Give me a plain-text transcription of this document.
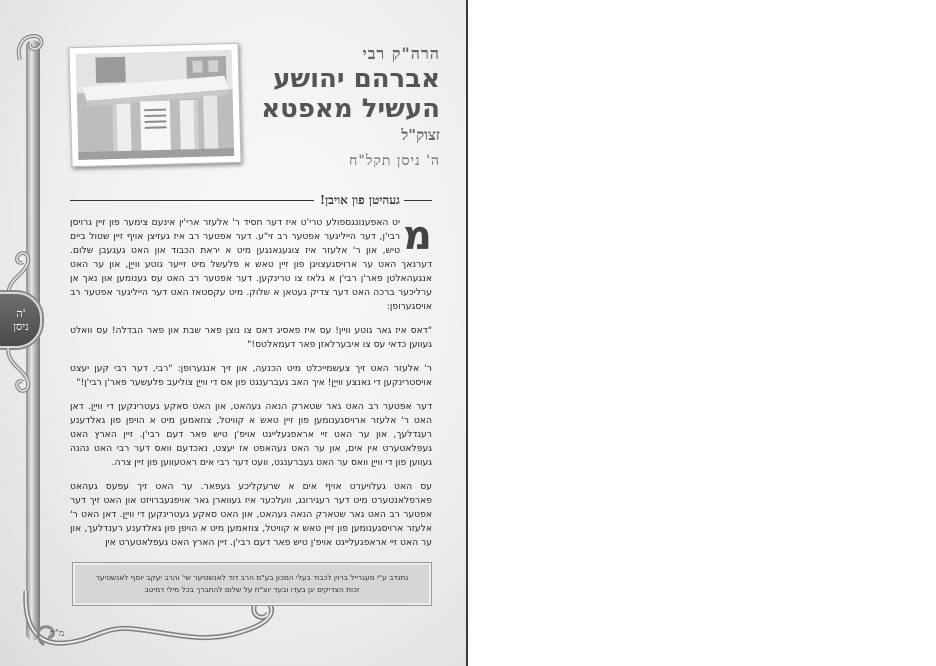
ה'
ניסן
הרה"ק רבי
אברהם יהושע
העשיל מאפטא
זצוק"ל
ה' ניסן תקל"ח
געהיטן פון אויבן!

מ
יט האפענונגספולע טרי'ט איז דער חסיד ר' אלעזר ארי'ין אינעם צימער פון זיין גרויסן רבי'ן, דער הייליגער אפטער רב זי"ע. דער אפטער רב איז געזיצן אויף זיין שטול ביים טיש, און ר' אלעזר איז צוגעגאנגען מיט א יראת הכבוד און האט געגעבן שלום. דערנאך האט ער ארויסגעצויגן פון זיין טאש א פלעשל מיט זייער גוטע ווייַן, און ער האט אנגעהאלטן פאר'ן רבי'ן א גלאז צו טרינקען. דער אפטער רב האט עס גענומען און נאך אן ערליכער ברכה האט דער צדיק געטאן א שלוק. מיט עקסטאז האט דער הייליגער אפטער רב אויסגערופן:

"דאס איז גאר גוטע וויין! עס איז פאסיג דאס צו נוצן פאר שבת און פאר הבדלה! עס וואלט געווען כדאי עס צו איבערלאזן פאר דעמאלטס!"

ר' אלעזר האט זיך צעשמייכלט מיט הכנעה, און זיך אנגערופן: "רבי, דער רבי קען יעצט אויסטרינקען די גאנצע ווייַן! איך האב געברענגט פון אס די ווייַן צוליעב פלעשער פאר'ן רבי'ן!"

דער אפטער רב האט גאר שטארק הנאה געהאט, און האט סאקע געטרינקען די ווייַן. דאן האט ר' אלעזר ארויסגענומען פון זיין טאש א קוויטל, צוזאמען מיט א הויפן פון גאלדענע רענדלעך, און ער האט זיי אראפגעלייגט אויפ'ן טיש פאר דעם רבי'ן. זיין הארץ האט געפלאטערט אין אים, און ער האט געהאפט אז יעצט, נאכדעם וואס דער רבי האט נהנה געווען פון די ווייַן וואס ער האט געברענגט, וועט דער רבי אים ראטעווען פון זיין צרה.

עס האט געלויערט אויף אים א שרעקליכע געפאר. ער האט זיך עפעס געהאט פארפלאנטערט מיט דער רעגירונג, וועלכער איז געווארן גאר אויפגעברויזט און האט זיך דער אפטער רב האט גאר שטארק הנאה געהאט, און האט סאקע געטרינקען די ווייַן. דאן האט ר' אלעזר ארויסגענומען פון זיין טאש א קוויטל, צוזאמען מיט א הויפן פון גאלדענע רענדלעך, און ער האט זיי אראפגעלייגט אויפ'ן טיש פאר דעם רבי'ן. זיין הארץ האט געפלאטערט אין

נתנדב ע"י מעגרייל ברוין לכבוד בעלי המכון בע"מ הרב דוד לאנשטיער שי' והרב יעקב יוסף לאנשטיער
זכות הצדיקים יגן בעדו ובעד יוצ"ח על שלום להתברך בכל מילי דמיטב
מ"ח
